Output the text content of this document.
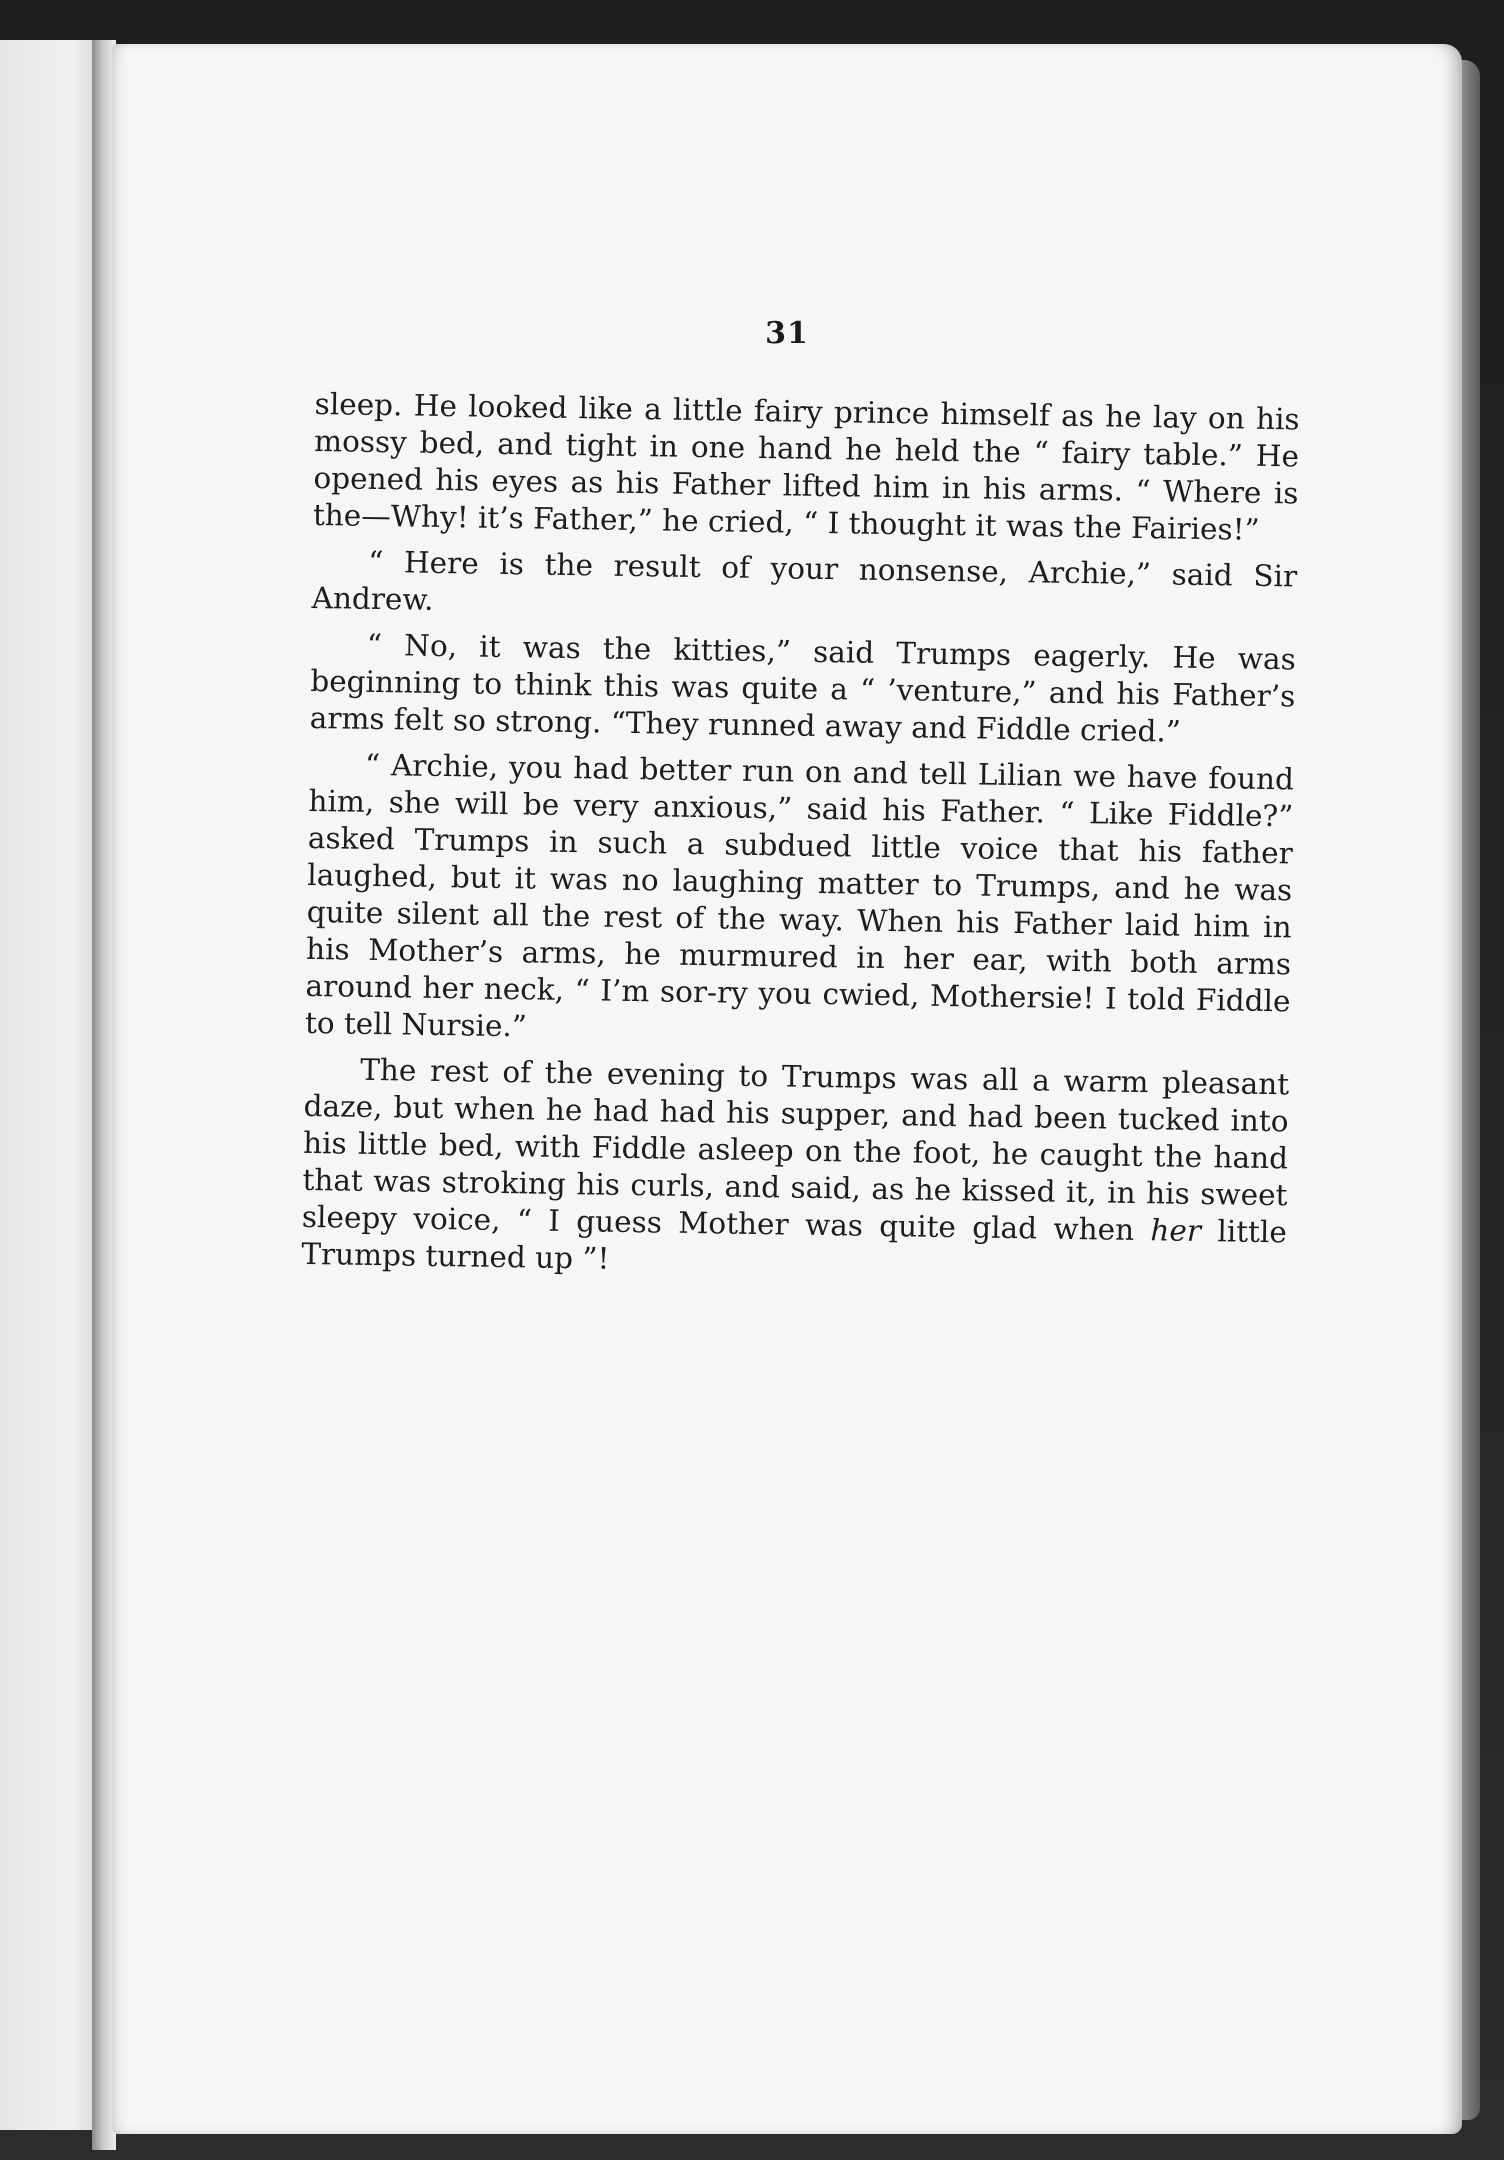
31

sleep. He looked like a little fairy prince himself as he lay on his mossy bed, and tight in one hand he held the “ fairy table.” He opened his eyes as his Father lifted him in his arms. “ Where is the—Why! it’s Father,” he cried, “ I thought it was the Fairies!”

“ Here is the result of your nonsense, Archie,” said Sir Andrew.

“ No, it was the kitties,” said Trumps eagerly. He was beginning to think this was quite a “ ’venture,” and his Father’s arms felt so strong. “They runned away and Fiddle cried.”

“ Archie, you had better run on and tell Lilian we have found him, she will be very anxious,” said his Father. “ Like Fiddle?” asked Trumps in such a subdued little voice that his father laughed, but it was no laughing matter to Trumps, and he was quite silent all the rest of the way. When his Father laid him in his Mother’s arms, he murmured in her ear, with both arms around her neck, “ I’m sor-ry you cwied, Mothersie! I told Fiddle to tell Nursie.”

The rest of the evening to Trumps was all a warm pleasant daze, but when he had had his supper, and had been tucked into his little bed, with Fiddle asleep on the foot, he caught the hand that was stroking his curls, and said, as he kissed it, in his sweet sleepy voice, “ I guess Mother was quite glad when her little Trumps turned up ”!
